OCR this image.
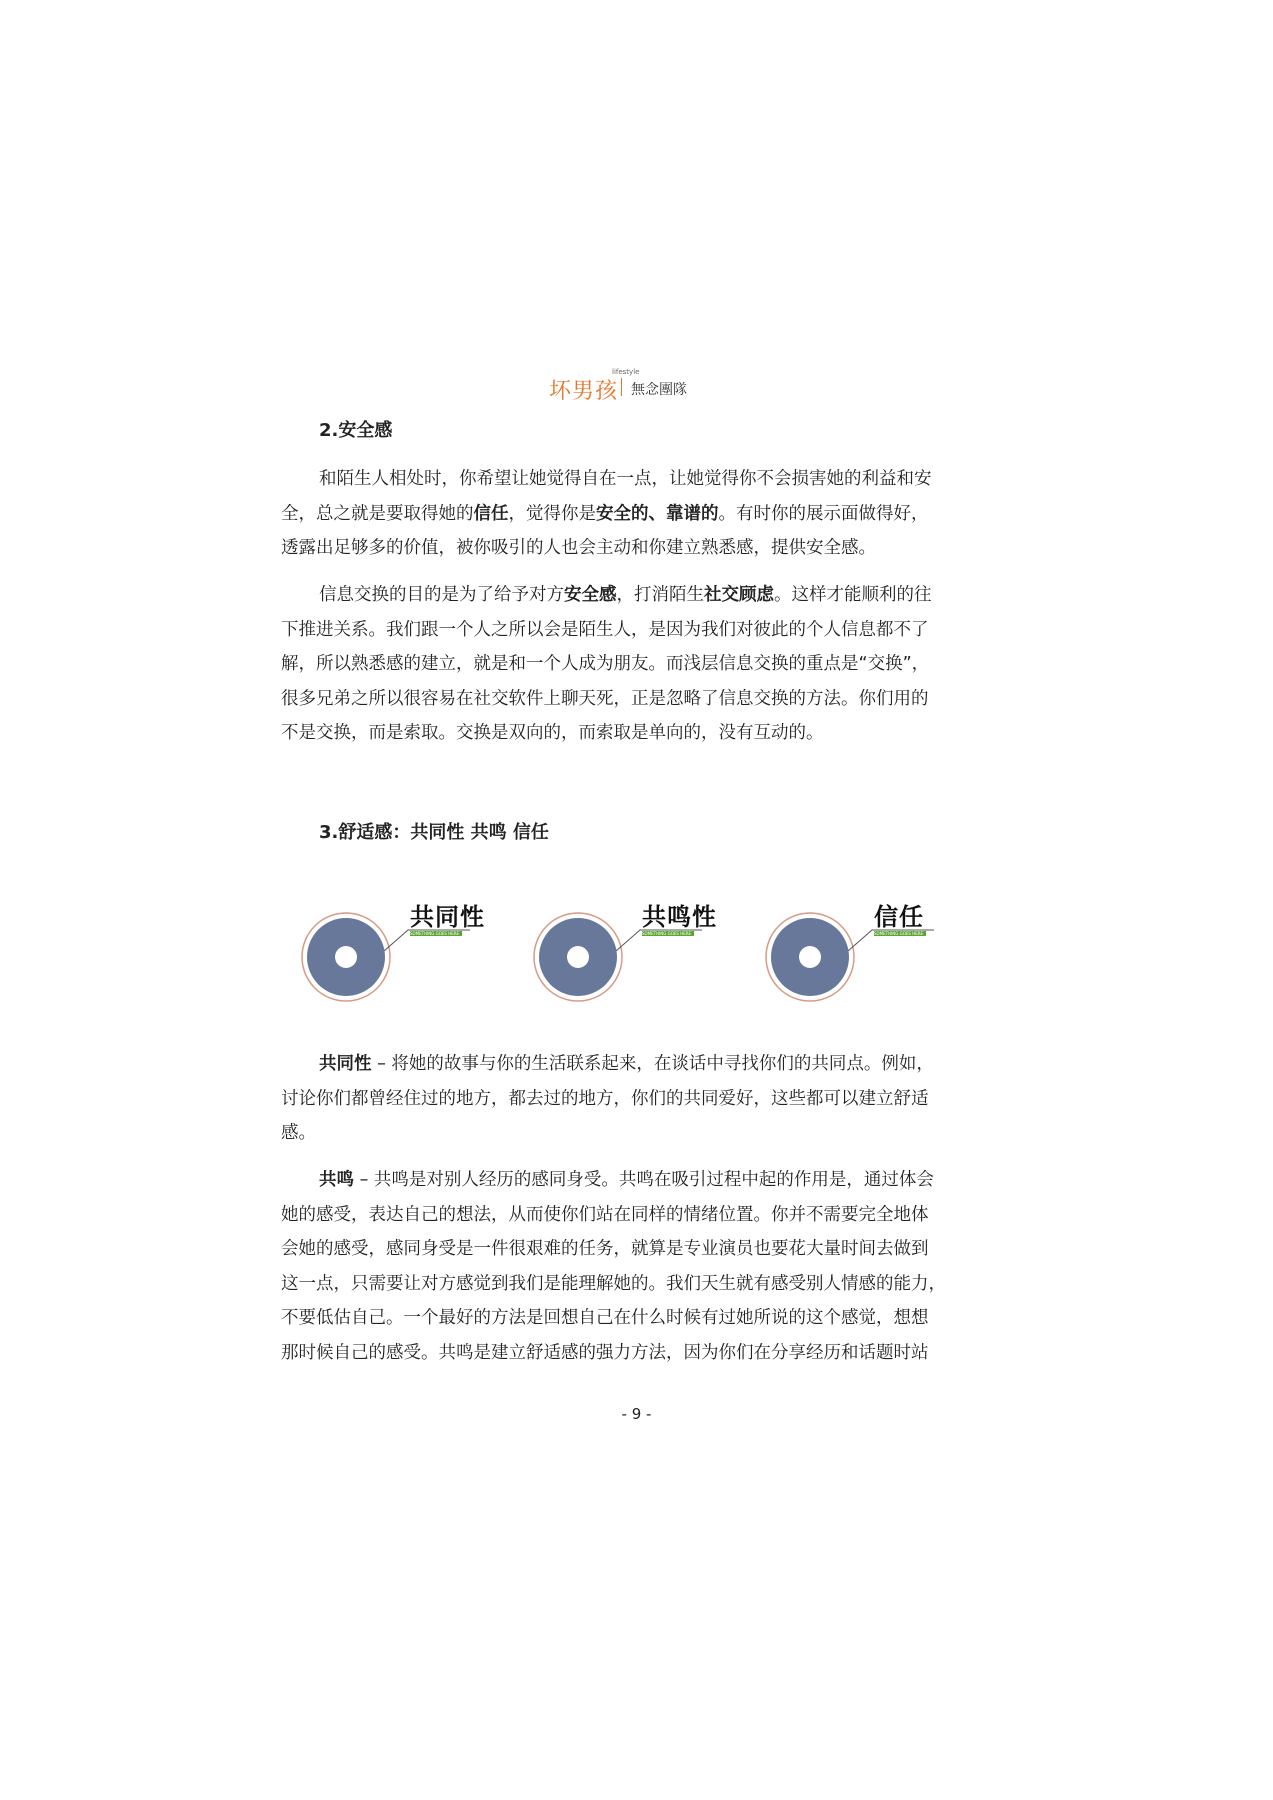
坏男孩
lifestyle
無念團隊
2.安全感
和陌生人相处时，你希望让她觉得自在一点，让她觉得你不会损害她的利益和安
全，总之就是要取得她的信任，觉得你是安全的、靠谱的。有时你的展示面做得好，
透露出足够多的价值，被你吸引的人也会主动和你建立熟悉感，提供安全感。
信息交换的目的是为了给予对方安全感，打消陌生社交顾虑。这样才能顺利的往
下推进关系。我们跟一个人之所以会是陌生人，是因为我们对彼此的个人信息都不了
解，所以熟悉感的建立，就是和一个人成为朋友。而浅层信息交换的重点是“交换”，
很多兄弟之所以很容易在社交软件上聊天死，正是忽略了信息交换的方法。你们用的
不是交换，而是索取。交换是双向的，而索取是单向的，没有互动的。
3.舒适感：共同性 共鸣 信任
共同性
SOMETHING GOES HERE
共鸣性
SOMETHING GOES HERE
信任
SOMETHING GOES HERE
共同性 – 将她的故事与你的生活联系起来，在谈话中寻找你们的共同点。例如，
讨论你们都曾经住过的地方，都去过的地方，你们的共同爱好，这些都可以建立舒适
感。
共鸣 – 共鸣是对别人经历的感同身受。共鸣在吸引过程中起的作用是，通过体会
她的感受，表达自己的想法，从而使你们站在同样的情绪位置。你并不需要完全地体
会她的感受，感同身受是一件很艰难的任务，就算是专业演员也要花大量时间去做到
这一点，只需要让对方感觉到我们是能理解她的。我们天生就有感受别人情感的能力，
不要低估自己。一个最好的方法是回想自己在什么时候有过她所说的这个感觉，想想
那时候自己的感受。共鸣是建立舒适感的强力方法，因为你们在分享经历和话题时站
- 9 -
